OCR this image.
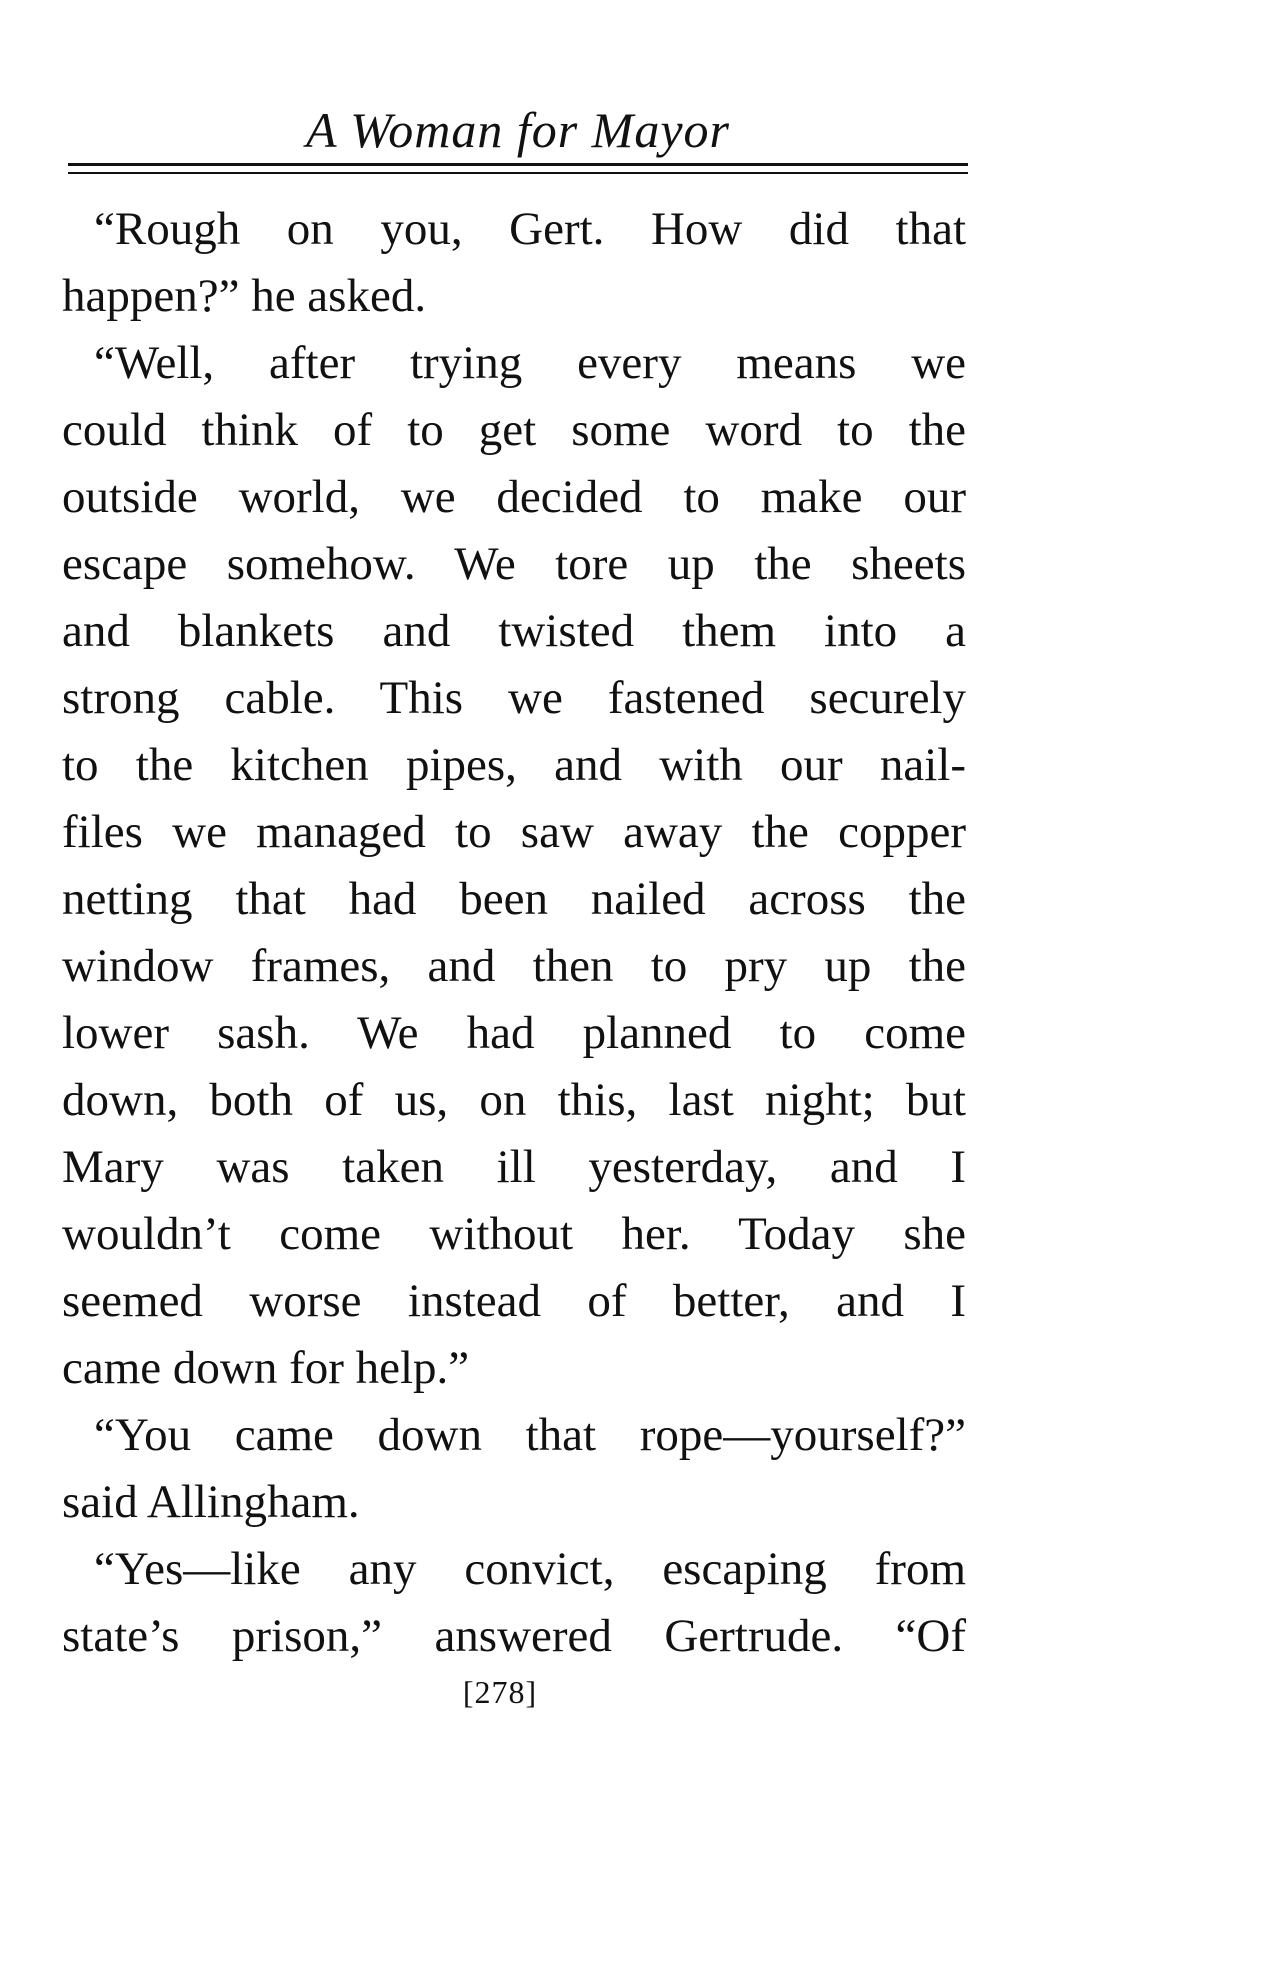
A Woman for Mayor
“Rough on you, Gert. How did that
happen?” he asked.
“Well, after trying every means we
could think of to get some word to the
outside world, we decided to make our
escape somehow. We tore up the sheets
and blankets and twisted them into a
strong cable. This we fastened securely
to the kitchen pipes, and with our nail-
files we managed to saw away the copper
netting that had been nailed across the
window frames, and then to pry up the
lower sash. We had planned to come
down, both of us, on this, last night; but
Mary was taken ill yesterday, and I
wouldn’t come without her. Today she
seemed worse instead of better, and I
came down for help.”
“You came down that rope—yourself?”
said Allingham.
“Yes—like any convict, escaping from
state’s prison,” answered Gertrude. “Of
[278]
